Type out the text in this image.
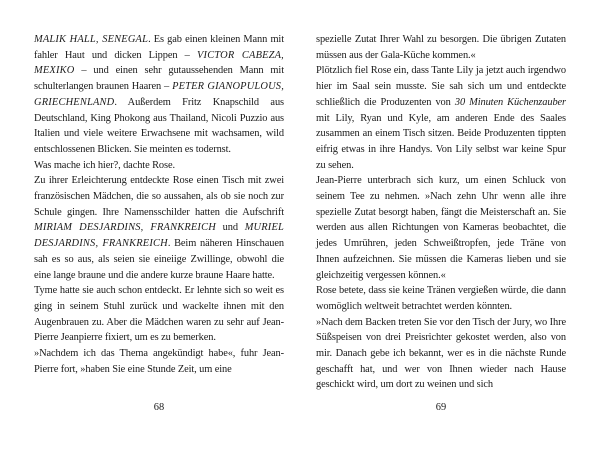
MALIK HALL, SENEGAL. Es gab einen kleinen Mann mit fahler Haut und dicken Lippen – VICTOR CABEZA, MEXIKO – und einen sehr gutaussehenden Mann mit schulterlangen braunen Haaren – PETER GIANOPULOUS, GRIECHENLAND. Außerdem Fritz Knapschild aus Deutschland, King Phokong aus Thailand, Nicoli Puzzio aus Italien und viele weitere Erwachsene mit wachsamen, wild entschlossenen Blicken. Sie meinten es todernst.

Was mache ich hier?, dachte Rose.

Zu ihrer Erleichterung entdeckte Rose einen Tisch mit zwei französischen Mädchen, die so aussahen, als ob sie noch zur Schule gingen. Ihre Namensschilder hatten die Aufschrift MIRIAM DESJARDINS, FRANKREICH und MURIEL DESJARDINS, FRANKREICH. Beim näheren Hinschauen sah es so aus, als seien sie eineiige Zwillinge, obwohl die eine lange braune und die andere kurze braune Haare hatte.

Tyme hatte sie auch schon entdeckt. Er lehnte sich so weit es ging in seinem Stuhl zurück und wackelte ihnen mit den Augenbrauen zu. Aber die Mädchen waren zu sehr auf Jean-Pierre Jeanpierre fixiert, um es zu bemerken.

»Nachdem ich das Thema angekündigt habe«, fuhr Jean-Pierre fort, »haben Sie eine Stunde Zeit, um eine

68

spezielle Zutat Ihrer Wahl zu besorgen. Die übrigen Zutaten müssen aus der Gala-Küche kommen.«

Plötzlich fiel Rose ein, dass Tante Lily ja jetzt auch irgendwo hier im Saal sein musste. Sie sah sich um und entdeckte schließlich die Produzenten von 30 Minuten Küchenzauber mit Lily, Ryan und Kyle, am anderen Ende des Saales zusammen an einem Tisch sitzen. Beide Produzenten tippten eifrig etwas in ihre Handys. Von Lily selbst war keine Spur zu sehen.

Jean-Pierre unterbrach sich kurz, um einen Schluck von seinem Tee zu nehmen. »Nach zehn Uhr wenn alle ihre spezielle Zutat besorgt haben, fängt die Meisterschaft an. Sie werden aus allen Richtungen von Kameras beobachtet, die jedes Umrühren, jeden Schweißtropfen, jede Träne von Ihnen aufzeichnen. Sie müssen die Kameras lieben und sie gleichzeitig vergessen können.«

Rose betete, dass sie keine Tränen vergießen würde, die dann womöglich weltweit betrachtet werden könnten.

»Nach dem Backen treten Sie vor den Tisch der Jury, wo Ihre Süßspeisen von drei Preisrichter gekostet werden, also von mir. Danach gebe ich bekannt, wer es in die nächste Runde geschafft hat, und wer von Ihnen wieder nach Hause geschickt wird, um dort zu weinen und sich

69
